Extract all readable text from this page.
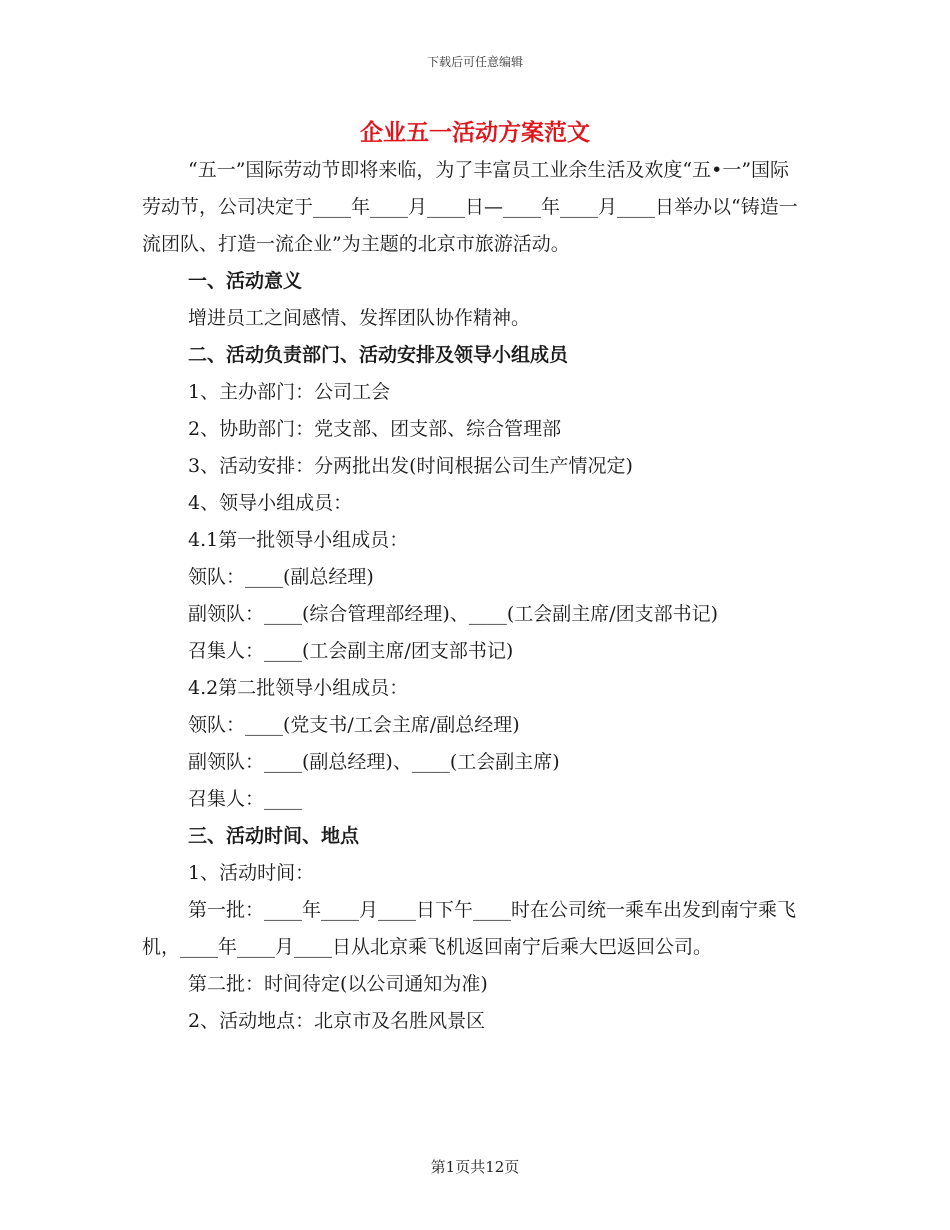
下载后可任意编辑
企业五一活动方案范文

“五一”国际劳动节即将来临，为了丰富员工业余生活及欢度“五•一”国际劳动节，公司决定于____年____月____日—____年____月____日举办以“铸造一流团队、打造一流企业”为主题的北京市旅游活动。

一、活动意义

增进员工之间感情、发挥团队协作精神。

二、活动负责部门、活动安排及领导小组成员

1、主办部门：公司工会

2、协助部门：党支部、团支部、综合管理部

3、活动安排：分两批出发(时间根据公司生产情况定)

4、领导小组成员：

4.1第一批领导小组成员：

领队：____(副总经理)

副领队：____(综合管理部经理)、____(工会副主席/团支部书记)

召集人：____(工会副主席/团支部书记)

4.2第二批领导小组成员：

领队：____(党支书/工会主席/副总经理)

副领队：____(副总经理)、____(工会副主席)

召集人：____

三、活动时间、地点

1、活动时间：

第一批：____年____月____日下午____时在公司统一乘车出发到南宁乘飞机，____年____月____日从北京乘飞机返回南宁后乘大巴返回公司。

第二批：时间待定(以公司通知为准)

2、活动地点：北京市及名胜风景区

第1页共12页
